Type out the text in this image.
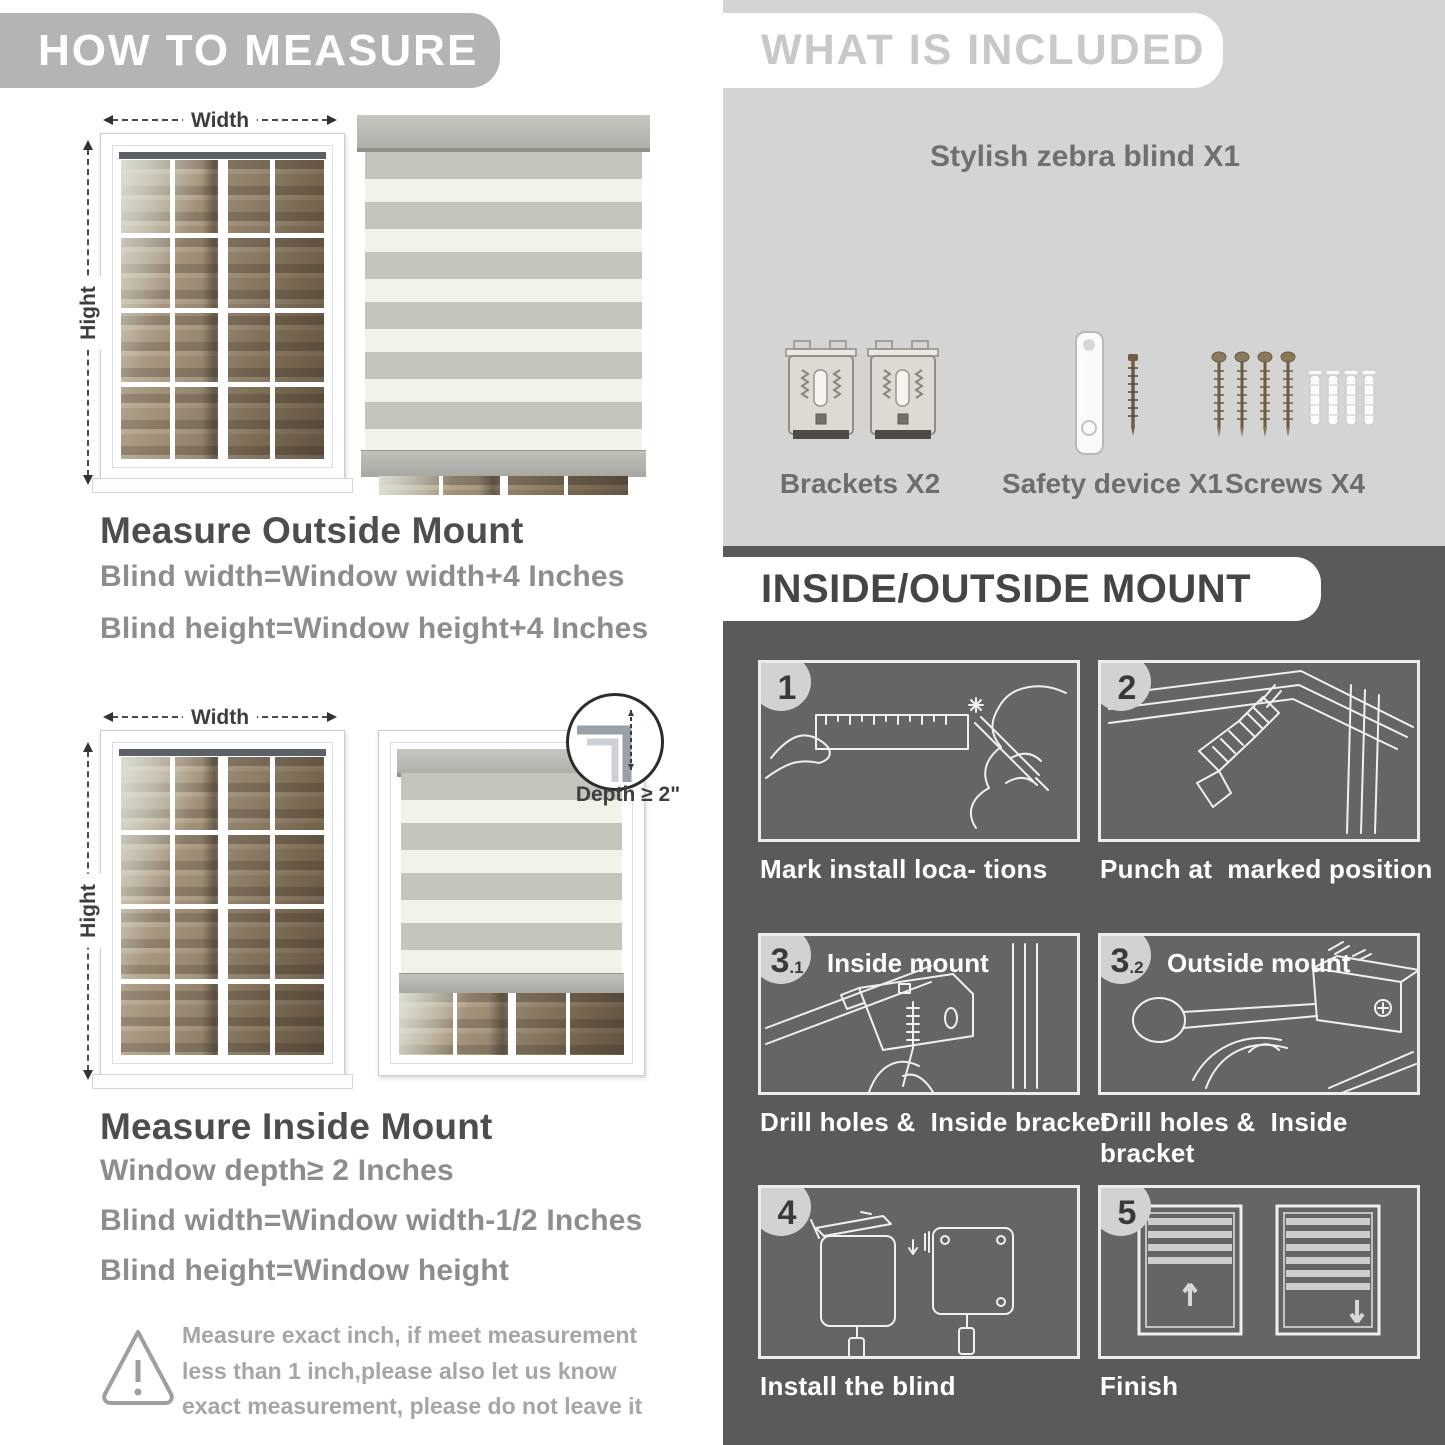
WHAT IS INCLUDED
Stylish zebra blind X1
Brackets X2	Safety device X1 Screws X4
HOW TO MEASURE
Width
Hight
Measure Outside Mount
Blind width=Window width+4 Inches
Blind height=Window height+4 Inches
Width
Hight
Depth ≥ 2"
Measure Inside Mount
Window depth≥ 2 Inches
Blind width=Window width-1/2 Inches
Blind height=Window height
Measure exact inch, if meet measurement less than 1 inch,please also let us know exact measurement, please do not leave it
INSIDE/OUTSIDE MOUNT
1
Mark install loca- tions
2
Punch at  marked position
3 .1 Inside mount
Drill holes &  Inside bracket
3 .2 Outside mount
Drill holes &  Inside bracket
4
Install the blind
5
Finish
